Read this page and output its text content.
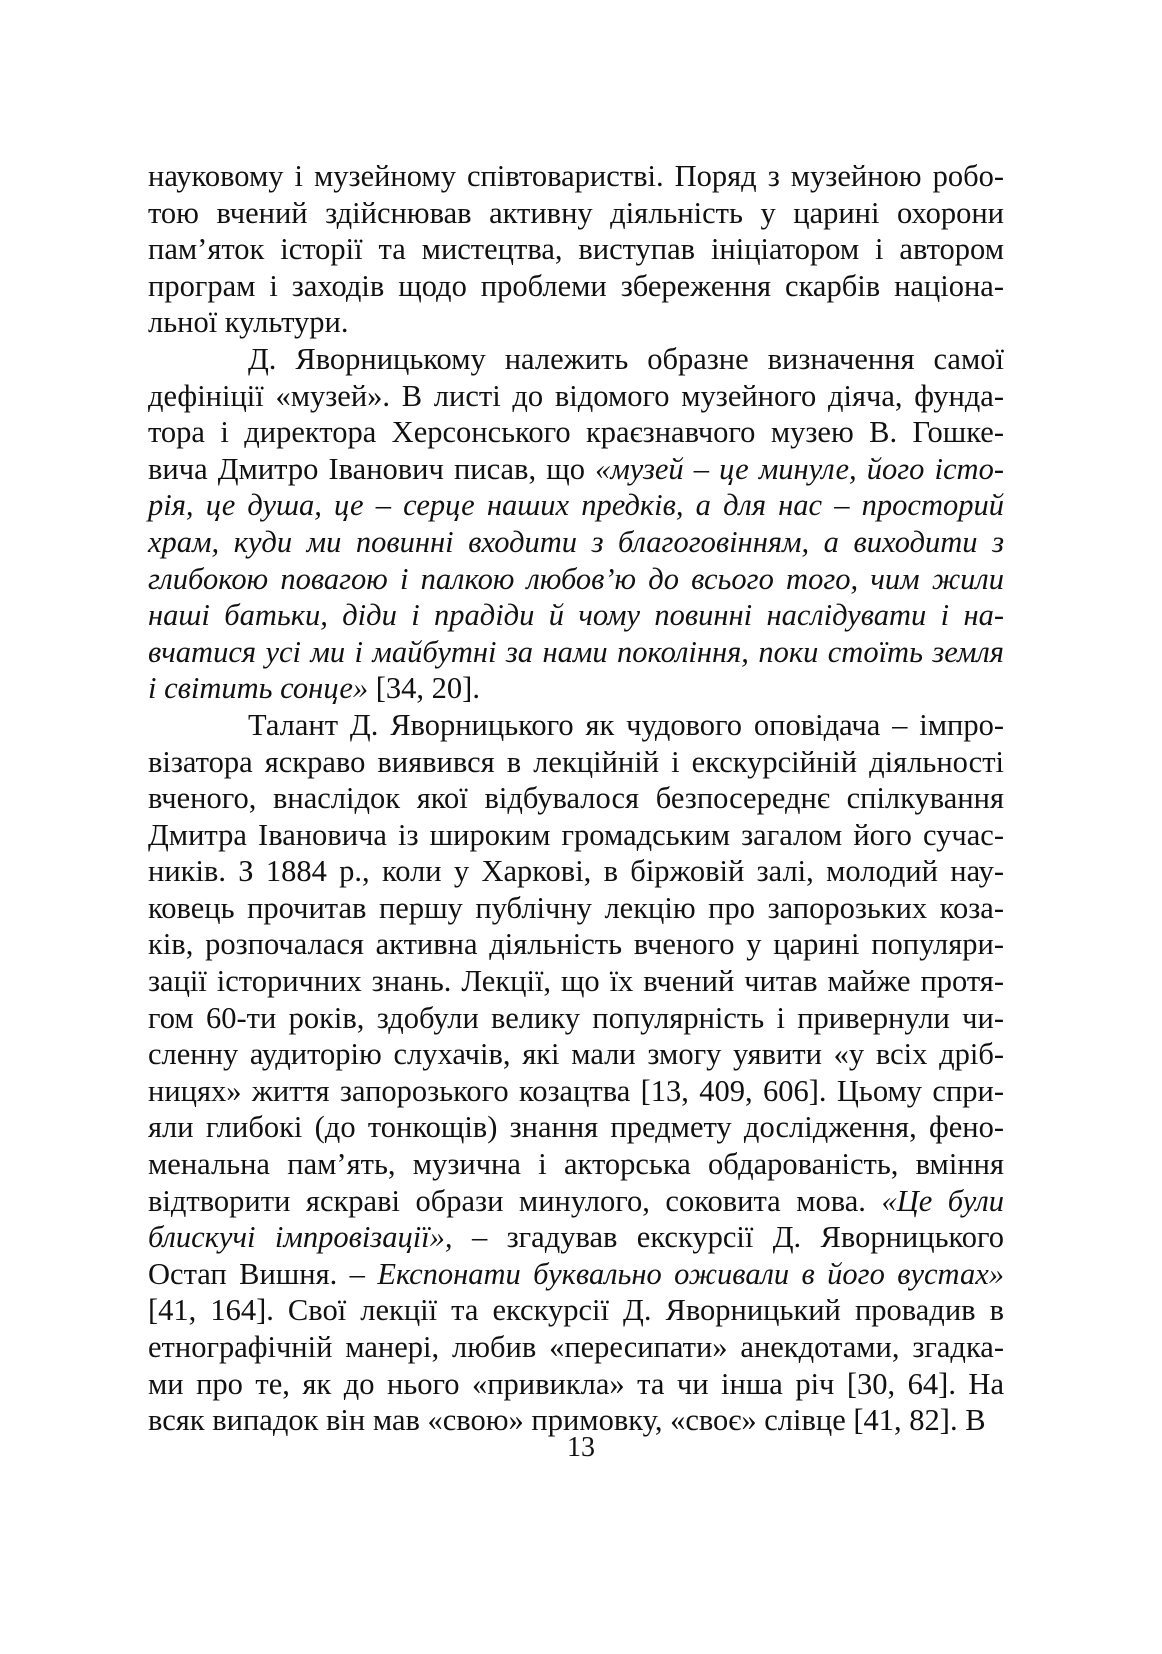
науковому і музейному співтоваристві. Поряд з музейною робо-
тою вчений здійснював активну діяльність у царині охорони
пам’яток історії та мистецтва, виступав ініціатором і автором
програм і заходів щодо проблеми збереження скарбів націона-
льної культури.
Д. Яворницькому належить образне визначення самої
дефініції «музей». В листі до відомого музейного діяча, фунда-
тора і директора Херсонського краєзнавчого музею В. Гошке-
вича Дмитро Іванович писав, що «музей – це минуле, його істо-
рія, це душа, це – серце наших предків, а для нас – просторий
храм, куди ми повинні входити з благоговінням, а виходити з
глибокою повагою і палкою любов’ю до всього того, чим жили
наші батьки, діди і прадіди й чому повинні наслідувати і на-
вчатися усі ми і майбутні за нами покоління, поки стоїть земля
і світить сонце» [34, 20].
Талант Д. Яворницького як чудового оповідача – імпро-
візатора яскраво виявився в лекційній і екскурсійній діяльності
вченого, внаслідок якої відбувалося безпосереднє спілкування
Дмитра Івановича із широким громадським загалом його сучас-
ників. З 1884 р., коли у Харкові, в біржовій залі, молодий нау-
ковець прочитав першу публічну лекцію про запорозьких коза-
ків, розпочалася активна діяльність вченого у царині популяри-
зації історичних знань. Лекції, що їх вчений читав майже протя-
гом 60-ти років, здобули велику популярність і привернули чи-
сленну аудиторію слухачів, які мали змогу уявити «у всіх дріб-
ницях» життя запорозького козацтва [13, 409, 606]. Цьому спри-
яли глибокі (до тонкощів) знання предмету дослідження, фено-
менальна пам’ять, музична і акторська обдарованість, вміння
відтворити яскраві образи минулого, соковита мова. «Це були
блискучі імпровізації», – згадував екскурсії Д. Яворницького
Остап Вишня. – Експонати буквально оживали в його вустах»
[41, 164]. Свої лекції та екскурсії Д. Яворницький провадив в
етнографічній манері, любив «пересипати» анекдотами, згадка-
ми про те, як до нього «привикла» та чи інша річ [30, 64]. На
всяк випадок він мав «свою» примовку, «своє» слівце [41, 82]. В
13
